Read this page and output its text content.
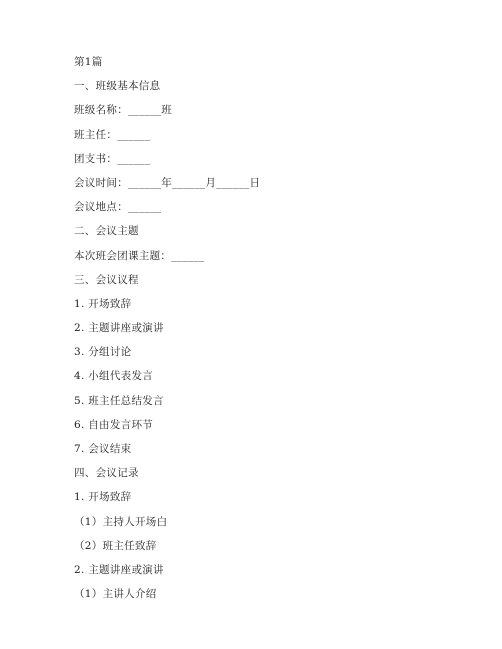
第1篇
一、班级基本信息
班级名称：______班
班主任：______
团支书：______
会议时间：______年______月______日
会议地点：______
二、会议主题
本次班会团课主题：______
三、会议议程
1. 开场致辞
2. 主题讲座或演讲
3. 分组讨论
4. 小组代表发言
5. 班主任总结发言
6. 自由发言环节
7. 会议结束
四、会议记录
1. 开场致辞
（1）主持人开场白
（2）班主任致辞
2. 主题讲座或演讲
（1）主讲人介绍
